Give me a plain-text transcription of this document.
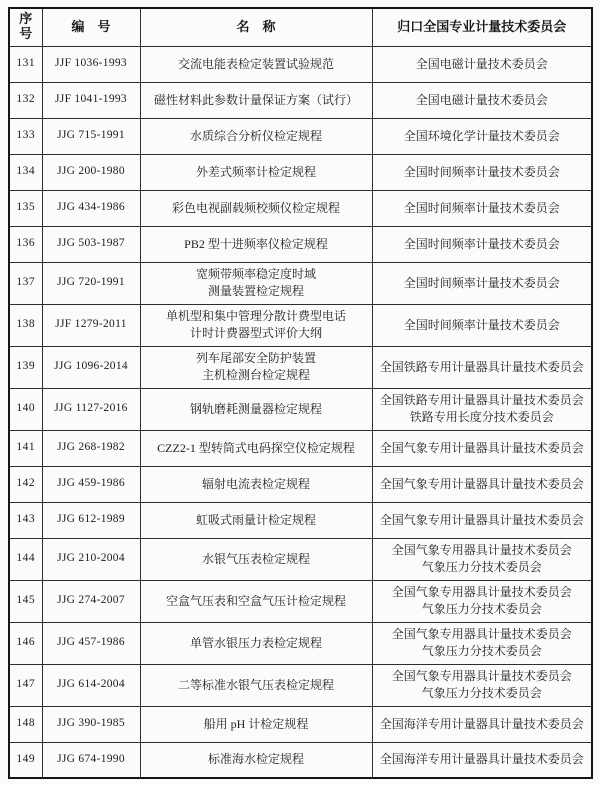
序
号	编　号	名　称	归口全国专业计量技术委员会

131	JJF 1036-1993	交流电能表检定装置试验规范	全国电磁计量技术委员会

132	JJF 1041-1993	磁性材料此参数计量保证方案（试行）	全国电磁计量技术委员会

133	JJG 715-1991	水质综合分析仪检定规程	全国环境化学计量技术委员会

134	JJG 200-1980	外差式频率计检定规程	全国时间频率计量技术委员会

135	JJG 434-1986	彩色电视副载频校频仪检定规程	全国时间频率计量技术委员会

136	JJG 503-1987	PB2 型十进频率仪检定规程	全国时间频率计量技术委员会

137	JJG 720-1991	宽频带频率稳定度时域
测量装置检定规程	全国时间频率计量技术委员会

138	JJF 1279-2011	单机型和集中管理分散计费型电话
计时计费器型式评价大纲	全国时间频率计量技术委员会

139	JJG 1096-2014	列车尾部安全防护装置
主机检测台检定规程	全国铁路专用计量器具计量技术委员会

140	JJG 1127-2016	钢轨磨耗测量器检定规程	全国铁路专用计量器具计量技术委员会
铁路专用长度分技术委员会

141	JJG 268-1982	CZZ2-1 型转筒式电码探空仪检定规程	全国气象专用计量器具计量技术委员会

142	JJG 459-1986	辐射电流表检定规程	全国气象专用计量器具计量技术委员会

143	JJG 612-1989	虹吸式雨量计检定规程	全国气象专用计量器具计量技术委员会

144	JJG 210-2004	水银气压表检定规程	全国气象专用器具计量技术委员会
气象压力分技术委员会

145	JJG 274-2007	空盒气压表和空盒气压计检定规程	全国气象专用器具计量技术委员会
气象压力分技术委员会

146	JJG 457-1986	单管水银压力表检定规程	全国气象专用器具计量技术委员会
气象压力分技术委员会

147	JJG 614-2004	二等标准水银气压表检定规程	全国气象专用器具计量技术委员会
气象压力分技术委员会

148	JJG 390-1985	船用 pH 计检定规程	全国海洋专用计量器具计量技术委员会

149	JJG 674-1990	标准海水检定规程	全国海洋专用计量器具计量技术委员会
